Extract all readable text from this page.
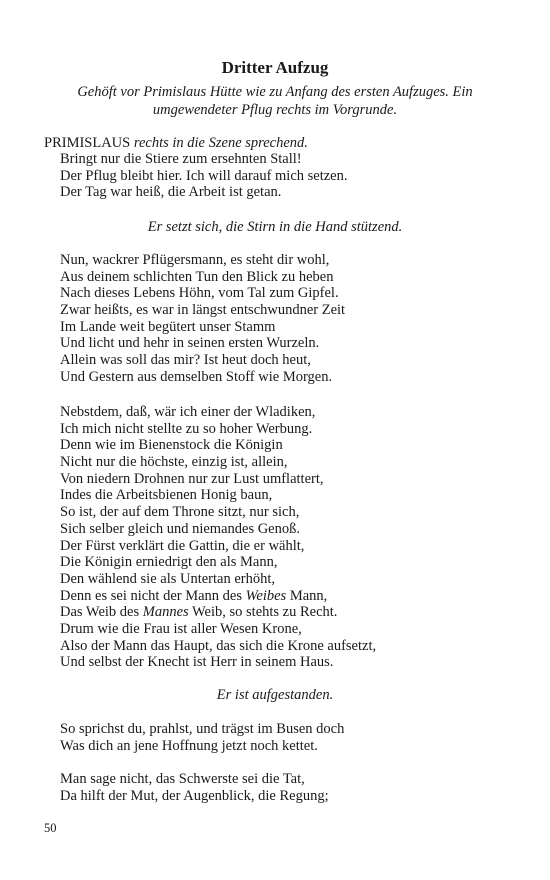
Dritter Aufzug
Gehöft vor Primislaus Hütte wie zu Anfang des ersten Aufzuges. Ein umgewendeter Pflug rechts im Vorgrunde.
PRIMISLAUS rechts in die Szene sprechend.
Bringt nur die Stiere zum ersehnten Stall!
Der Pflug bleibt hier. Ich will darauf mich setzen.
Der Tag war heiß, die Arbeit ist getan.
Er setzt sich, die Stirn in die Hand stützend.
Nun, wackrer Pflügersmann, es steht dir wohl,
Aus deinem schlichten Tun den Blick zu heben
Nach dieses Lebens Höhn, vom Tal zum Gipfel.
Zwar heißts, es war in längst entschwundner Zeit
Im Lande weit begütert unser Stamm
Und licht und hehr in seinen ersten Wurzeln.
Allein was soll das mir? Ist heut doch heut,
Und Gestern aus demselben Stoff wie Morgen.
Nebstdem, daß, wär ich einer der Wladiken,
Ich mich nicht stellte zu so hoher Werbung.
Denn wie im Bienenstock die Königin
Nicht nur die höchste, einzig ist, allein,
Von niedern Drohnen nur zur Lust umflattert,
Indes die Arbeitsbienen Honig baun,
So ist, der auf dem Throne sitzt, nur sich,
Sich selber gleich und niemandes Genoß.
Der Fürst verklärt die Gattin, die er wählt,
Die Königin erniedrigt den als Mann,
Den wählend sie als Untertan erhöht,
Denn es sei nicht der Mann des Weibes Mann,
Das Weib des Mannes Weib, so stehts zu Recht.
Drum wie die Frau ist aller Wesen Krone,
Also der Mann das Haupt, das sich die Krone aufsetzt,
Und selbst der Knecht ist Herr in seinem Haus.
Er ist aufgestanden.
So sprichst du, prahlst, und trägst im Busen doch
Was dich an jene Hoffnung jetzt noch kettet.
Man sage nicht, das Schwerste sei die Tat,
Da hilft der Mut, der Augenblick, die Regung;
50
